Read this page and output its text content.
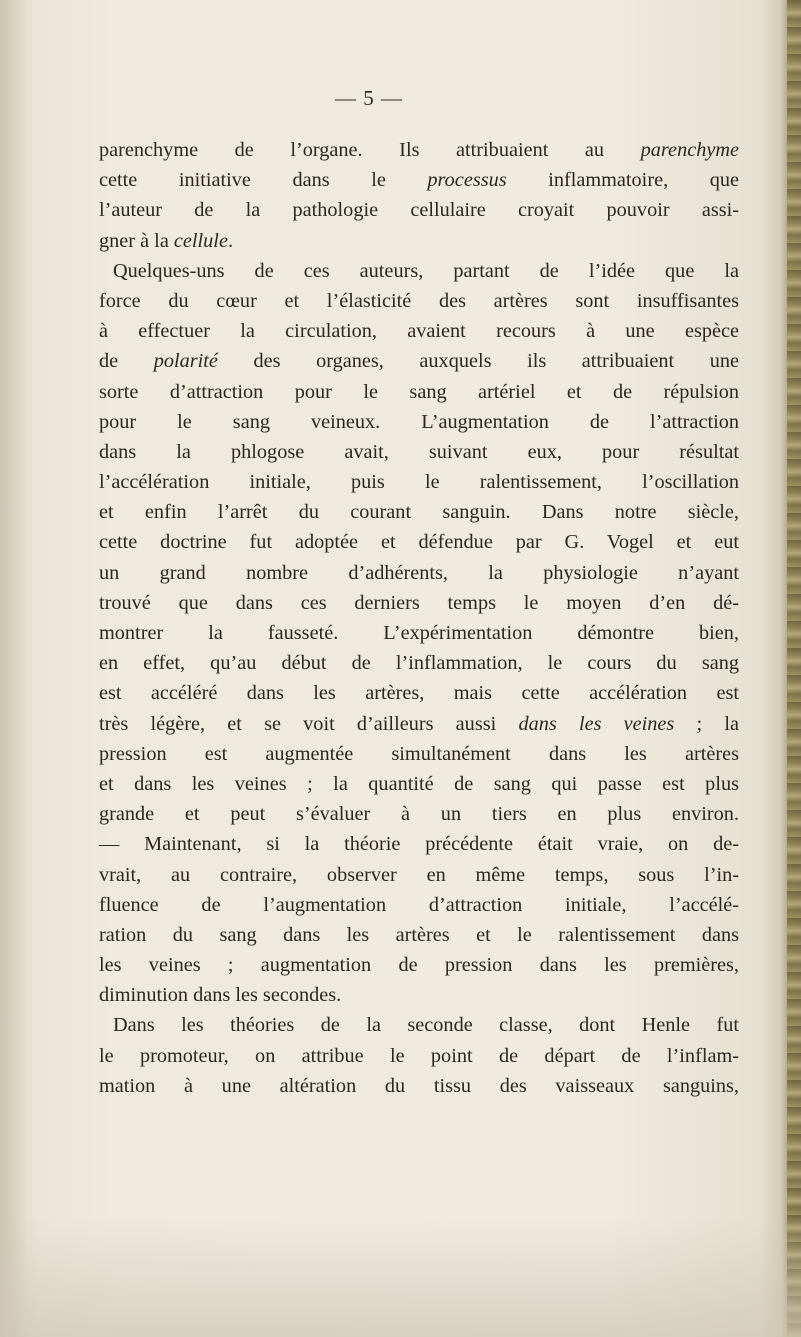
— 5 —
parenchyme de l’organe. Ils attribuaient au parenchyme
cette initiative dans le processus inflammatoire, que
l’auteur de la pathologie cellulaire croyait pouvoir assi-
gner à la cellule.
Quelques-uns de ces auteurs, partant de l’idée que la
force du cœur et l’élasticité des artères sont insuffisantes
à effectuer la circulation, avaient recours à une espèce
de polarité des organes, auxquels ils attribuaient une
sorte d’attraction pour le sang artériel et de répulsion
pour le sang veineux. L’augmentation de l’attraction
dans la phlogose avait, suivant eux, pour résultat
l’accélération initiale, puis le ralentissement, l’oscillation
et enfin l’arrêt du courant sanguin. Dans notre siècle,
cette doctrine fut adoptée et défendue par G. Vogel et eut
un grand nombre d’adhérents, la physiologie n’ayant
trouvé que dans ces derniers temps le moyen d’en dé-
montrer la fausseté. L’expérimentation démontre bien,
en effet, qu’au début de l’inflammation, le cours du sang
est accéléré dans les artères, mais cette accélération est
très légère, et se voit d’ailleurs aussi dans les veines ; la
pression est augmentée simultanément dans les artères
et dans les veines ; la quantité de sang qui passe est plus
grande et peut s’évaluer à un tiers en plus environ.
— Maintenant, si la théorie précédente était vraie, on de-
vrait, au contraire, observer en même temps, sous l’in-
fluence de l’augmentation d’attraction initiale, l’accélé-
ration du sang dans les artères et le ralentissement dans
les veines ; augmentation de pression dans les premières,
diminution dans les secondes.
Dans les théories de la seconde classe, dont Henle fut
le promoteur, on attribue le point de départ de l’inflam-
mation à une altération du tissu des vaisseaux sanguins,
